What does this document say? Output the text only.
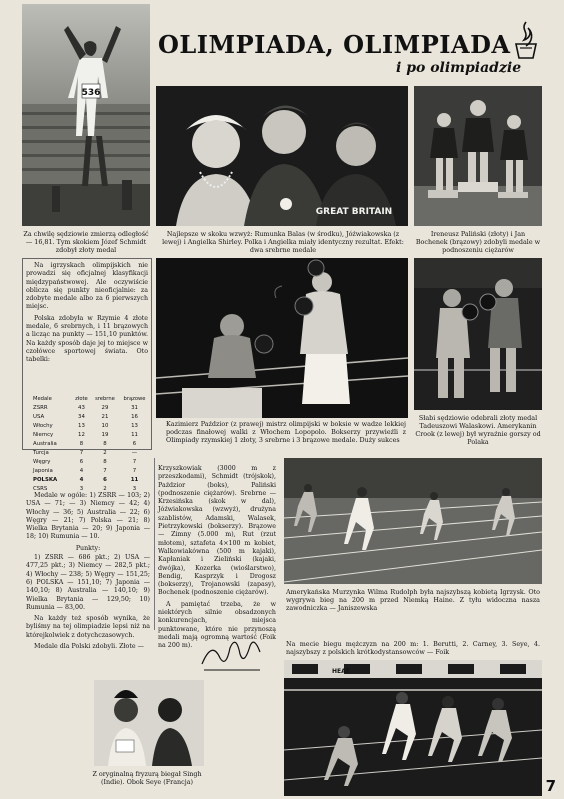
536
Za chwilę sędziowie zmierzą odległość — 16,81. Tym skokiem Józef Schmidt zdobył złoty medal
OLIMPIADA, OLIMPIADA
i po olimpiadzie
GREAT BRITAIN
Najlepsze w skoku wzwyż: Rumunka Balas (w środku), Jóźwiakowska (z lewej) i Angielka Shirley. Polka i Angielka miały identyczny rezultat. Efekt: dwa srebrne medale
Ireneusz Paliński (złoty) i Jan Bochenek (brązowy) zdobyli medale w podnoszeniu ciężarów

Na igrzyskach olimpijskich nie prowadzi się oficjalnej klasyfikacji międzypaństwowej. Ale oczywiście oblicza się punkty nieoficjalnie: za zdobyte medale albo za 6 pierwszych miejsc.

Polska zdobyła w Rzymie 4 złote medale, 6 srebrnych, i 11 brązowych a licząc na punkty — 151,10 punktów. Na każdy sposób daje jej to miejsce w czołówce sportowej świata. Oto tabelki:

Medale	złote	srebrne	brązowe
ZSRR	43	29	31
USA	34	21	16
Włochy	13	10	13
Niemcy	12	19	11
Australia	8	8	6
Turcja	7	2	—
Węgry	6	8	7
Japonia	4	7	7
POLSKA	4	6	11
CSRS	3	2	3

Medale w ogóle: 1) ZSRR — 103; 2) USA — 71; — 3) Niemcy — 42; 4) Włochy — 36; 5) Australia — 22; 6) Węgry — 21; 7) Polska — 21; 8) Wielka Brytania — 20; 9) Japonia — 18; 10) Rumunia — 10.

Punkty:

1) ZSRR — 686 pkt.; 2) USA — 477,25 pkt.; 3) Niemcy — 282,5 pkt.; 4) Włochy — 238; 5) Węgry — 151,25; 6) POLSKA — 151,10; 7) Japonia — 140,10; 8) Australia — 140,10; 9) Wielka Brytania — 129,50; 10) Rumunia — 83,00.

Na każdy też sposób wynika, że byliśmy na tej olimpiadzie lepsi niż na którejkolwiek z dotychczasowych.

Medale dla Polski zdobyli. Złote —

Kazimierz Paździor (z prawej) mistrz olimpijski w boksie w wadze lekkiej podczas finałowej walki z Włochem Lopopolo. Bokserzy przywieźli z Olimpiady rzymskiej 1 złoty, 3 srebrne i 3 brązowe medale. Duży sukces
Słabi sędziowie odebrali złoty medal Tadeuszowi Walaskowi. Amerykanin Crook (z lewej) był wyraźnie gorszy od Polaka

Krzyszkowiak (3000 m z przeszkodami), Schmidt (trójskok), Paździor (boks), Paliński (podnoszenie ciężarów). Srebrne — Krzesińska (skok w dal), Jóźwiakowska (wzwyż), drużyna szablistów, Adamski, Walasek, Pietrzykowski (bokserzy). Brązowe — Zimny (5.000 m), Rut (rzut młotem), sztafeta 4×100 m kobiet, Walkowiakówna (500 m kajaki), Kapłaniak i Zieliński (kajaki, dwójka), Kozerka (wioślarstwo), Bendig, Kasprzyk i Drogosz (bokserzy), Trojanowski (zapasy), Bochenek (podnoszenie ciężarów).

A pamiętać trzeba, że w niektórych silnie obsadzonych konkurencjach, miejsca punktowane, które nie przynoszą medali mają ogromną wartość (Foik na 200 m).

Amerykańska Murzynka Wilma Rudolph była najszybszą kobietą Igrzysk. Oto wygrywa bieg na 200 m przed Niemką Haine. Z tyłu widoczna nasza zawodniczka — Janiszewska
Z oryginalną fryzurą biegał Singh (Indie). Obok Seye (Francja)
Na mecie biegu mężczyzn na 200 m: 1. Berutti, 2. Carney, 3. Seye, 4. najszybszy z polskich krótkodystansowców — Foik
HEAT
7
